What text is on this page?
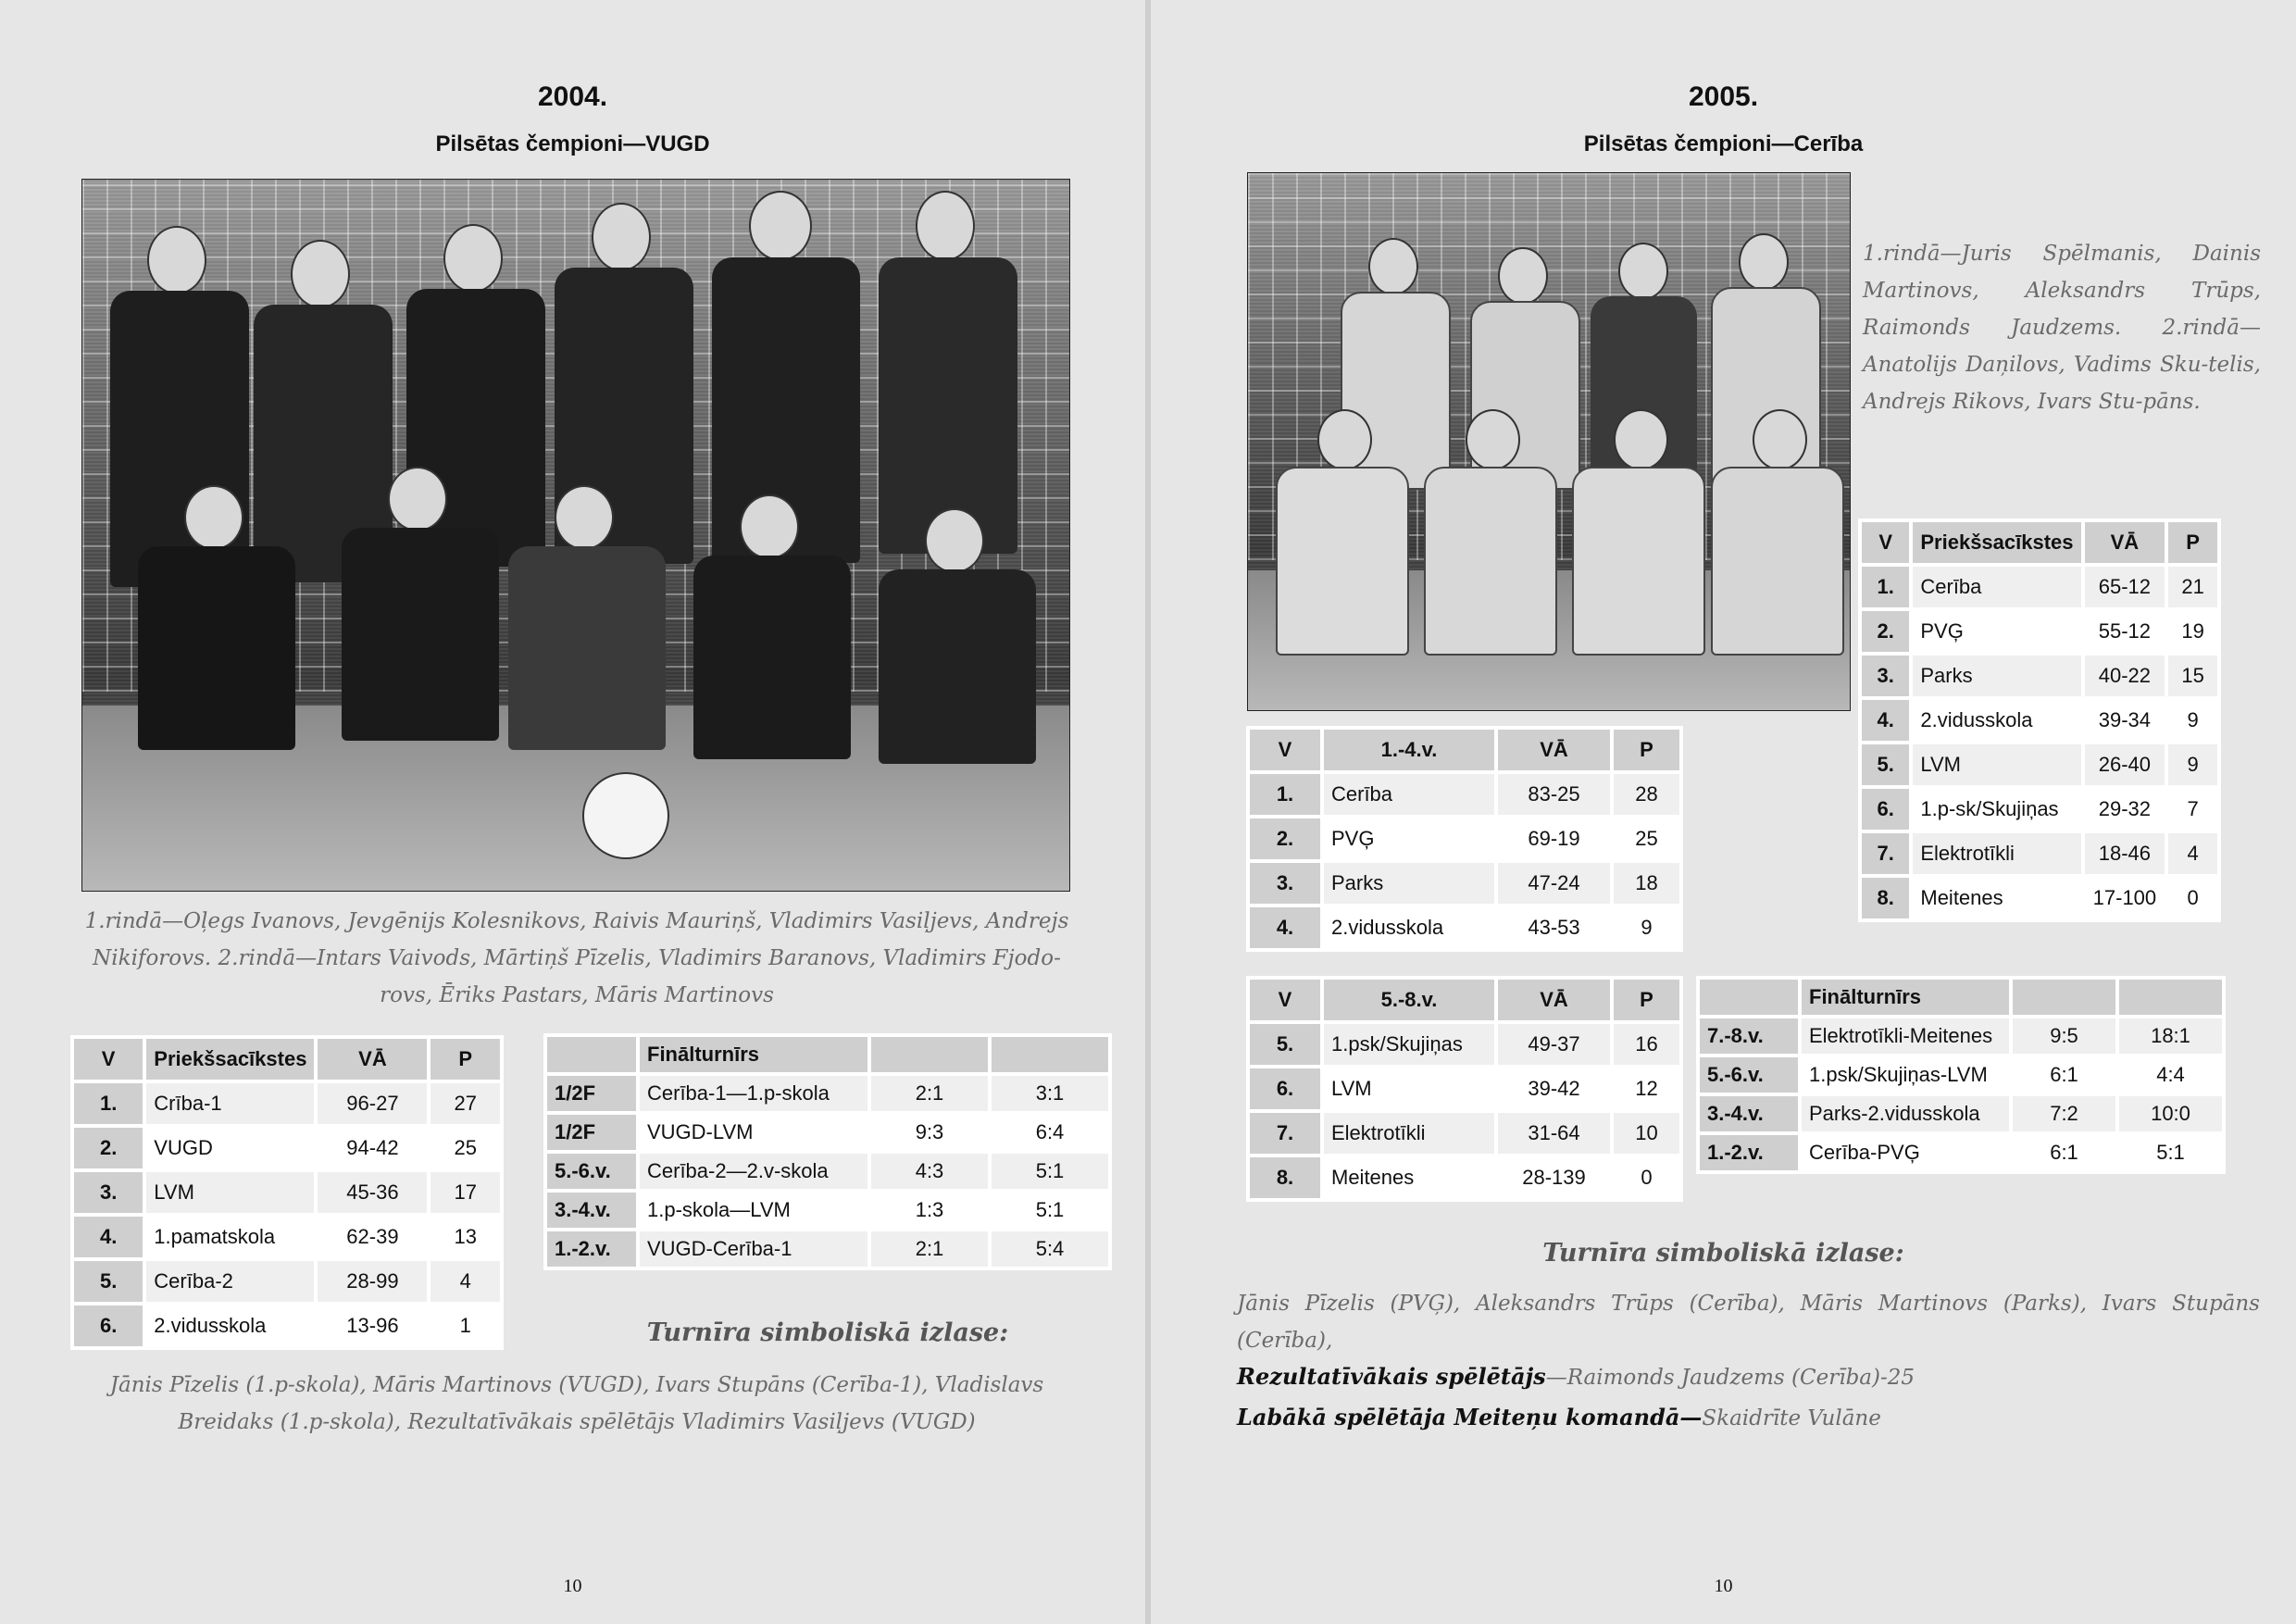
2004.
Pilsētas čempioni—VUGD
1.rindā—Oļegs Ivanovs, Jevgēnijs Kolesnikovs, Raivis Mauriņš, Vladimirs Vasiļjevs, Andrejs Nikiforovs. 2.rindā—Intars Vaivods, Mārtiņš Pīzelis, Vladimirs Baranovs, Vladimirs Fjodo-rovs, Ēriks Pastars, Māris Martinovs
V	Priekšsacīkstes	VĀ	P
1.	Crība-1	96-27	27
2.	VUGD	94-42	25
3.	LVM	45-36	17
4.	1.pamatskola	62-39	13
5.	Cerība-2	28-99	4
6.	2.vidusskola	13-96	1
	Finālturnīrs		
1/2F	Cerība-1—1.p-skola	2:1	3:1
1/2F	VUGD-LVM	9:3	6:4
5.-6.v.	Cerība-2—2.v-skola	4:3	5:1
3.-4.v.	1.p-skola—LVM	1:3	5:1
1.-2.v.	VUGD-Cerība-1	2:1	5:4
Turnīra simboliskā izlase:
Jānis Pīzelis (1.p-skola), Māris Martinovs (VUGD), Ivars Stupāns (Cerība-1), Vladislavs Breidaks (1.p-skola), Rezultatīvākais spēlētājs Vladimirs Vasiļjevs (VUGD)
10
2005.
Pilsētas čempioni—Cerība
1.rindā—Juris Spēlmanis, Dainis Martinovs, Aleksandrs Trūps, Raimonds Jaudzems. 2.rindā—Anatolijs Daņilovs, Vadims Sku-telis, Andrejs Rikovs, Ivars Stu-pāns.
V	Priekšsacīkstes	VĀ	P
1.	Cerība	65-12	21
2.	PVĢ	55-12	19
3.	Parks	40-22	15
4.	2.vidusskola	39-34	9
5.	LVM	26-40	9
6.	1.p-sk/Skujiņas	29-32	7
7.	Elektrotīkli	18-46	4
8.	Meitenes	17-100	0
V	1.-4.v.	VĀ	P
1.	Cerība	83-25	28
2.	PVĢ	69-19	25
3.	Parks	47-24	18
4.	2.vidusskola	43-53	9
V	5.-8.v.	VĀ	P
5.	1.psk/Skujiņas	49-37	16
6.	LVM	39-42	12
7.	Elektrotīkli	31-64	10
8.	Meitenes	28-139	0
	Finālturnīrs		
7.-8.v.	Elektrotīkli-Meitenes	9:5	18:1
5.-6.v.	1.psk/Skujiņas-LVM	6:1	4:4
3.-4.v.	Parks-2.vidusskola	7:2	10:0
1.-2.v.	Cerība-PVĢ	6:1	5:1
Turnīra simboliskā izlase:
Jānis Pīzelis (PVĢ), Aleksandrs Trūps (Cerība), Māris Martinovs (Parks), Ivars Stupāns (Cerība),
Rezultatīvākais spēlētājs—Raimonds Jaudzems (Cerība)-25
Labākā spēlētāja Meiteņu komandā—Skaidrīte Vulāne
10
